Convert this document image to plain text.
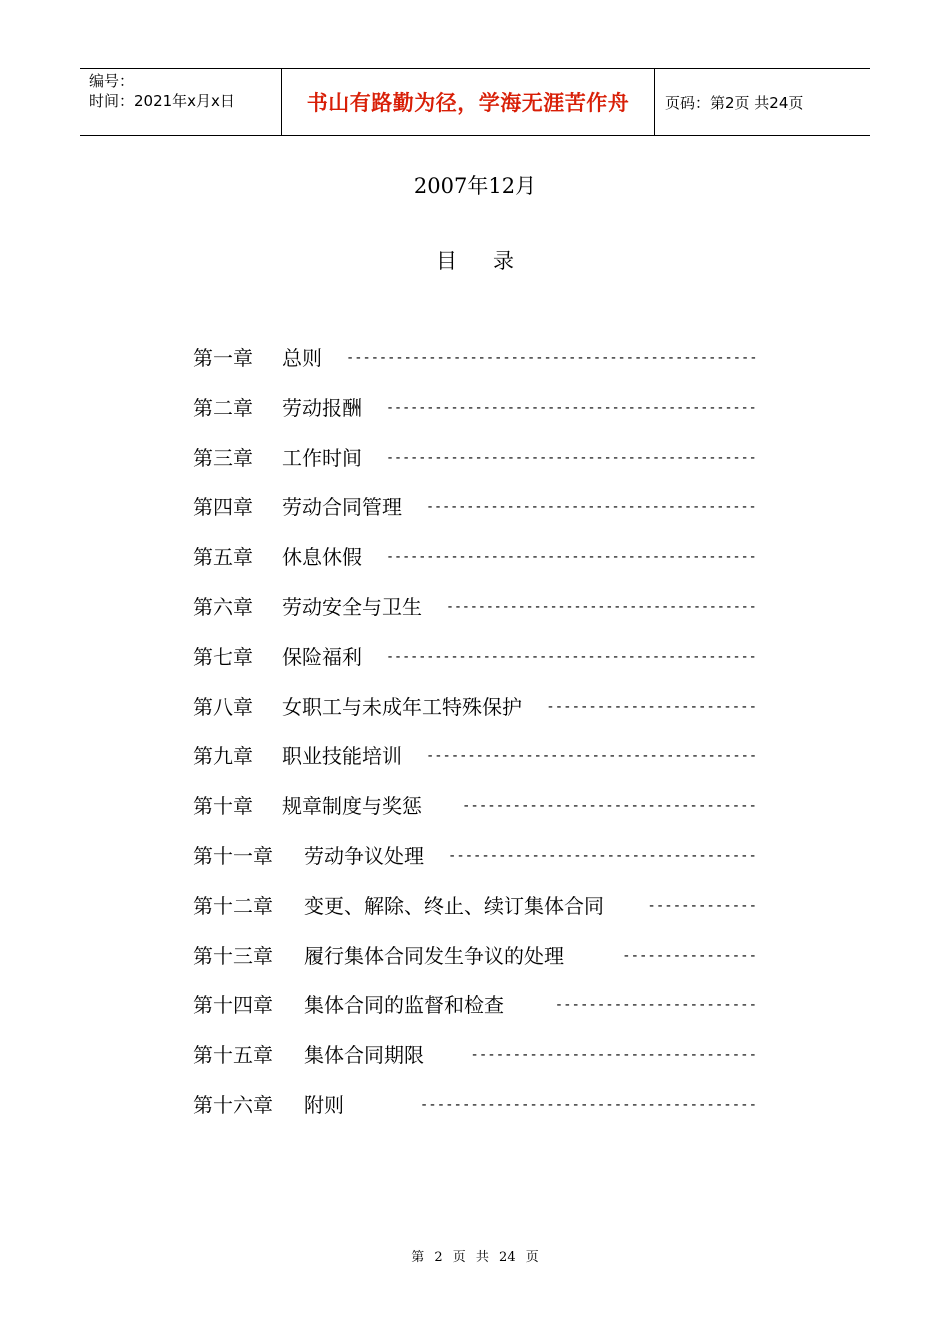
编号：
时间：2021年x月x日	书山有路勤为径，学海无涯苦作舟 页码：第2页 共24页
2007年12月
目录
第一章 总则 --------------------------------------------------
第二章 劳动报酬 ----------------------------------------------
第三章 工作时间 ----------------------------------------------
第四章 劳动合同管理 -----------------------------------------
第五章 休息休假 ----------------------------------------------
第六章 劳动安全与卫生 ---------------------------------------
第七章 保险福利 ----------------------------------------------
第八章 女职工与未成年工特殊保护 -------------------------
第九章 职业技能培训 ----------------------------------------
第十章 规章制度与奖惩	-----------------------------------
第十一章 劳动争议处理 -------------------------------------
第十二章 变更、解除、终止、续订集体合同	-------------
第十三章 履行集体合同发生争议的处理	----------------
第十四章 集体合同的监督和检查	------------------------
第十五章 集体合同期限	----------------------------------
第十六章 附则	----------------------------------------
第 2 页 共 24 页
